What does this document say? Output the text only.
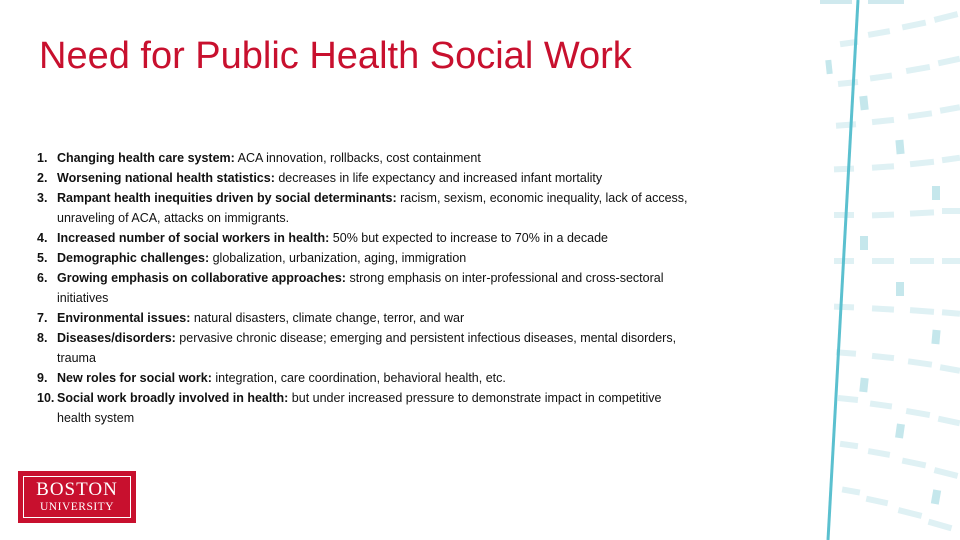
Need for Public Health Social Work
1. Changing health care system: ACA innovation, rollbacks, cost containment
2. Worsening national health statistics: decreases in life expectancy and increased infant mortality
3. Rampant health inequities driven by social determinants: racism, sexism, economic inequality, lack of access, unraveling of ACA, attacks on immigrants.
4. Increased number of social workers in health: 50% but expected to increase to 70% in a decade
5. Demographic challenges: globalization, urbanization, aging, immigration
6. Growing emphasis on collaborative approaches: strong emphasis on inter-professional and cross-sectoral initiatives
7. Environmental issues: natural disasters, climate change, terror, and war
8. Diseases/disorders: pervasive chronic disease; emerging and persistent infectious diseases, mental disorders, trauma
9. New roles for social work: integration, care coordination, behavioral health, etc.
10. Social work broadly involved in health: but under increased pressure to demonstrate impact in competitive health system
BOSTON
UNIVERSITY
